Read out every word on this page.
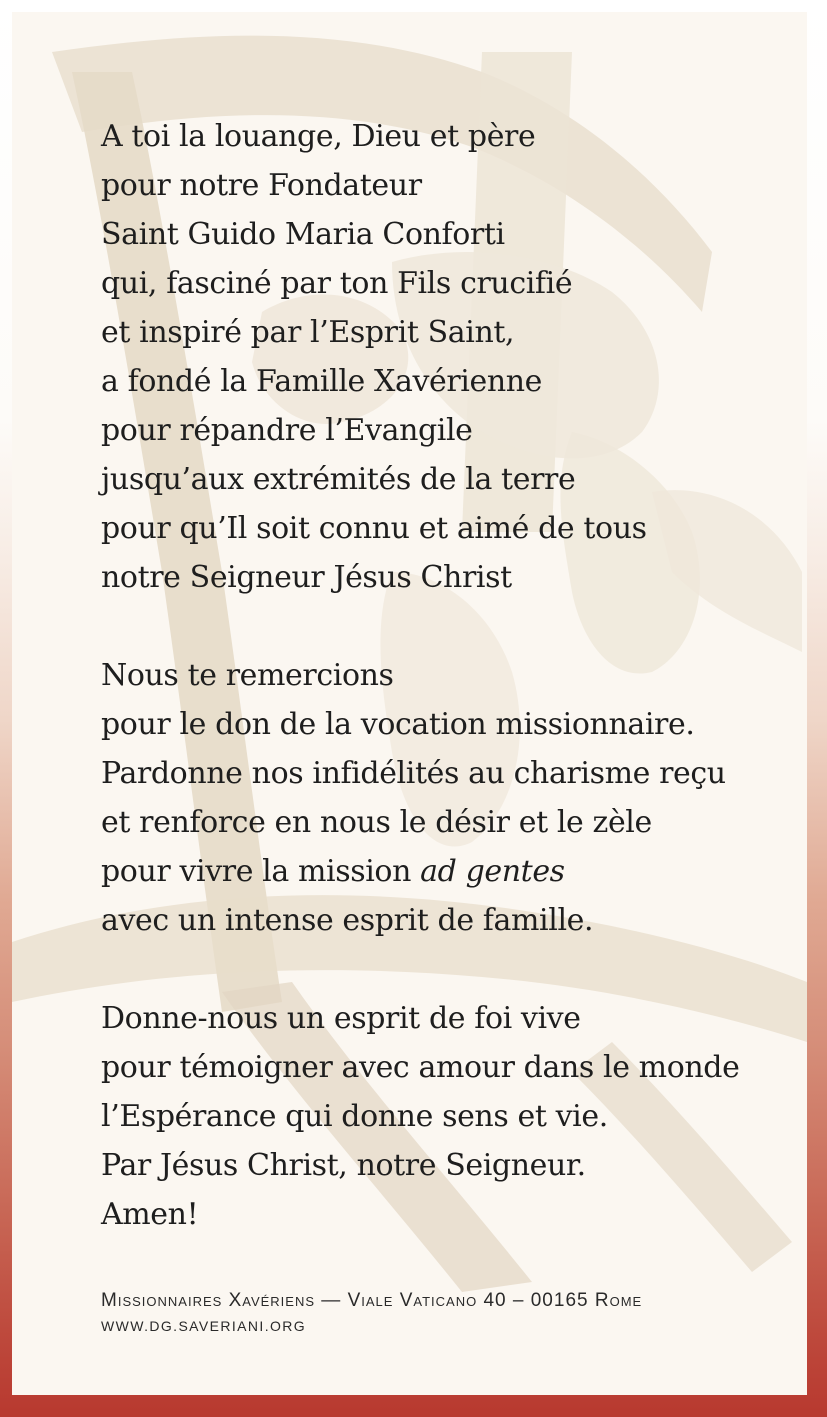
A toi la louange, Dieu et père
pour notre Fondateur
Saint Guido Maria Conforti
qui, fasciné par ton Fils crucifié
et inspiré par l’Esprit Saint,
a fondé la Famille Xavérienne
pour répandre l’Evangile
jusqu’aux extrémités de la terre
pour qu’Il soit connu et aimé de tous
notre Seigneur Jésus Christ
Nous te remercions
pour le don de la vocation missionnaire.
Pardonne nos infidélités au charisme reçu
et renforce en nous le désir et le zèle
pour vivre la mission ad gentes
avec un intense esprit de famille.
Donne-nous un esprit de foi vive
pour témoigner avec amour dans le monde
l’Espérance qui donne sens et vie.
Par Jésus Christ, notre Seigneur.
Amen!
Missionnaires Xavériens — Viale Vaticano 40 – 00165 Rome
WWW.DG.SAVERIANI.ORG
